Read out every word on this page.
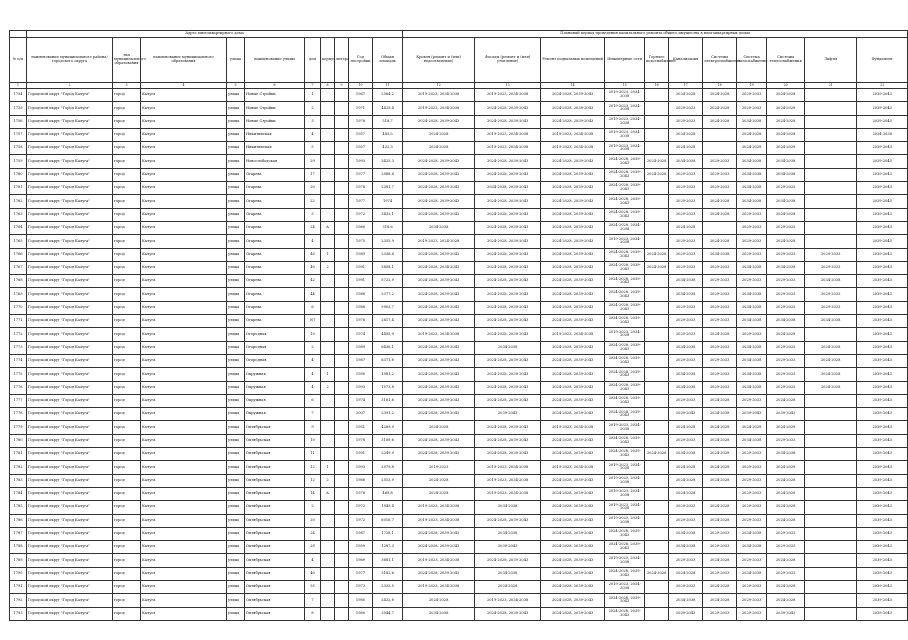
	Адрес многоквартирного дома										Плановый период проведения капитального ремонта общего имущества в многоквартирных домах										
№ п/п	наименование муниципального района/городского округа	тип муниципального образования	наименование муниципального образования	улица	наименование улицы	дом	корпус	литера	Год постройки	Общая площадь	Кровля (ремонт и (или) водоотведение)	Фасады (ремонт и (или) утепление)	Ремонт подвальных помещений	Инженерные сети	Горячее водоснабжение	Канализация	Системы электроснабжения	Система газоснабжения	Системы теплоснабжения	Лифты	Фундамент
1	2	3	4	5	6	7	8	9	10	11	12	13	14	15	16	17	18	19	20	21	22
1754	Городской округ "Город Калуга"	город	Калуга	улица	Новые Стройки	1			1967	2564,2	2019-2023, 2034-2038	2019-2023, 2034-2038	2024-2028, 2039-2043	2019-2023, 2034-2038		2024-2028	2024-2028	2029-2033	2024-2028		2039-2043
1755	Городской округ "Город Калуга"	город	Калуга	улица	Новые Стройки	2			1971	4429,4	2019-2023, 2034-2038	2024-2028, 2039-2043	2024-2028, 2039-2043	2019-2023, 2034-2038		2029-2033	2024-2028	2029-2033	2024-2028		2039-2043
1756	Городской округ "Город Калуга"	город	Калуга	улица	Новые Стройки	3			1976	518,7	2024-2028, 2039-2043	2024-2028, 2039-2043	2024-2028, 2039-2043	2019-2023, 2034-2038		2029-2033	2024-2028	2034-2038	2024-2028		2039-2043
1757	Городской округ "Город Калуга"	город	Калуга	улица	Никитинская	4			1957	483,5	2024-2028	2019-2023, 2034-2038	2019-2023, 2034-2038	2019-2023, 2034-2038		2024-2028		2024-2028	2024-2028		2034-2038
1758	Городской округ "Город Калуга"	город	Калуга	улица	Никитинская	5			1957	432,3	2024-2028	2019-2023, 2034-2038	2019-2023, 2034-2038	2019-2023, 2034-2038		2024-2028		2024-2028	2024-2028		2039-2043
1759	Городской округ "Город Калуга"	город	Калуга	улица	Новослободская	29			1993	3425,3	2024-2028, 2039-2043	2024-2028, 2039-2043	2024-2028, 2039-2043	2024-2028, 2039-2043	2024-2028	2034-2038	2029-2033	2034-2038	2034-2038		2039-2043
1760	Городской округ "Город Калуга"	город	Калуга	улица	Огарева	17			1977	2968,8	2024-2028, 2039-2043	2024-2028, 2039-2043	2024-2028, 2039-2043	2024-2028, 2039-2043	2024-2028	2029-2033	2029-2033	2034-2038	2034-2038		2039-2043
1761	Городской округ "Город Калуга"	город	Калуга	улица	Огарева	20			1978	2381,7	2024-2028, 2039-2043	2034-2038, 2039-2043	2024-2028, 2039-2043	2024-2028, 2039-2043		2029-2033	2029-2033	2034-2038	2029-2033		2039-2043
1762	Городской округ "Город Калуга"	город	Калуга	улица	Огарева	22			1977	1974	2024-2028, 2039-2043	2024-2028, 2039-2043	2024-2028, 2039-2043	2024-2028, 2039-2043		2029-2033	2024-2028	2034-2038	2034-2038		2039-2043
1763	Городской округ "Город Калуга"	город	Калуга	улица	Огарева	3			1972	3432,1	2024-2028, 2039-2043	2024-2028, 2039-2043	2024-2028, 2039-2043	2024-2028, 2039-2043		2029-2033	2024-2028	2029-2033	2024-2028		2039-2043
1764	Городской округ "Город Калуга"	город	Калуга	улица	Огарева	24	А		1960	318,6	2034-2038	2024-2028, 2039-2043	2024-2028, 2039-2043	2024-2028, 2034-2038		2024-2028		2029-2033	2029-2033		2039-2043
1765	Городской округ "Город Калуга"	город	Калуга	улица	Огарева	4			1975	2355,9	2019-2023, 2024-2028	2024-2028, 2039-2043	2024-2028, 2039-2043	2019-2023, 2034-2038		2029-2033	2024-2028	2029-2033	2024-2028		2039-2043
1766	Городской округ "Город Калуга"	город	Калуга	улица	Огарева	40	1		1989	2336,8	2024-2028, 2039-2043	2024-2028, 2039-2043	2024-2028, 2039-2043	2024-2028, 2039-2043	2024-2028	2029-2033	2034-2038	2029-2033	2029-2033	2029-2033	2039-2043
1767	Городской округ "Город Калуга"	город	Калуга	улица	Огарева	40	2		1991	3858,1	2024-2028, 2034-2043	2024-2028, 2039-2043	2024-2028, 2039-2043	2024-2028, 2039-2043	2024-2028	2029-2033	2029-2033	2034-2038	2034-2038	2029-2033	2039-2043
1768	Городской округ "Город Калуга"	город	Калуга	улица	Огарева	42			1991	5722,9	2024-2028, 2039-2043	2024-2028, 2039-2043	2024-2028, 2039-2043	2024-2028, 2039-2043		2034-2038	2029-2033	2029-2033	2029-2033	2034-2038	2039-2043
1769	Городской округ "Город Калуга"	город	Калуга	улица	Огарева	44			1988	5377,2	2024-2028, 2039-2043	2024-2028, 2039-2043	2024-2028, 2039-2043	2024-2028, 2039-2043		2034-2038	2029-2033	2034-2038	2029-2033	2029-2033	2039-2043
1770	Городской округ "Город Калуга"	город	Калуга	улица	Огарева	6			1988	5903,7	2024-2028, 2039-2043	2024-2028, 2039-2043	2024-2028, 2039-2043	2024-2028, 2039-2043		2029-2033	2029-2033	2034-2038	2029-2033	2029-2033	2039-2043
1771	Городской округ "Город Калуга"	город	Калуга	улица	Огарева	9/7			1976	2617,4	2024-2028, 2039-2043	2024-2028, 2039-2043	2024-2028, 2039-2043	2024-2028, 2039-2043		2029-2033	2029-2033	2034-2038	2034-2038	2034-2038	2039-2043
1772	Городской округ "Город Калуга"	город	Калуга	улица	Огородная	10			1974	4495,9	2019-2023, 2034-2038	2024-2028, 2039-2043	2019-2023, 2034-2038	2019-2023, 2034-2038		2029-2033	2024-2028	2029-2033	2024-2028		2039-2043
1773	Городской округ "Город Калуга"	город	Калуга	улица	Огородная	2			1989	6436,1	2024-2028, 2039-2043	2034-2038	2024-2028, 2039-2043	2024-2028, 2039-2043		2034-2038	2029-2033	2034-2038	2029-2033	2024-2028	2039-2043
1774	Городской округ "Город Калуга"	город	Калуга	улица	Огородная	4			1987	6371,8	2024-2028, 2039-2043	2024-2028, 2039-2043	2024-2028, 2039-2043	2024-2028, 2039-2043		2029-2033	2029-2033	2034-2038	2029-2033	2024-2028	2039-2043
1775	Городской округ "Город Калуга"	город	Калуга	улица	Окружная	4	1		1990	1981,2	2024-2028, 2039-2043	2024-2028, 2039-2043	2024-2028, 2039-2043	2024-2028, 2039-2043		2034-2038	2029-2033	2034-2038	2029-2033	2024-2028	2039-2043
1776	Городской округ "Город Калуга"	город	Калуга	улица	Окружная	4	2		1993	1573,8	2024-2028, 2039-2043	2024-2028, 2039-2043	2024-2028, 2039-2043	2024-2028, 2039-2043		2034-2038	2029-2033	2034-2038	2029-2033	2024-2028	2039-2043
1777	Городской округ "Город Калуга"	город	Калуга	улица	Окружная	6			1974	3161,6	2024-2028, 2039-2043	2024-2028, 2039-2043	2024-2028, 2039-2043	2024-2028, 2039-2043		2029-2033	2024-2028	2029-2033	2024-2028		2039-2043
1778	Городской округ "Город Калуга"	город	Калуга	улица	Окружная	7			2007	2391,2	2024-2028, 2039-2043	2039-2043	2024-2028, 2039-2043	2024-2028, 2039-2043		2039-2043	2034-2038	2039-2043	2039-2043		2039-2043
1779	Городской округ "Город Калуга"	город	Калуга	улица	Октябрьская	9			1951	4289,9	2024-2028	2024-2028, 2039-2043	2019-2023, 2034-2038	2019-2023, 2034-2038		2024-2028	2024-2028	2024-2028	2024-2028		2039-2043
1780	Городской округ "Город Калуга"	город	Калуга	улица	Октябрьская	10			1978	3189,6	2024-2028, 2039-2043	2024-2028, 2039-2043	2024-2028, 2039-2043	2024-2028, 2039-2043		2029-2033	2024-2028	2034-2038	2029-2033		2039-2043
1781	Городской округ "Город Калуга"	город	Калуга	улица	Октябрьская	11			1991	2349,9	2024-2028, 2039-2043	2024-2028, 2039-2043	2024-2028, 2039-2043	2024-2028, 2039-2043	2024-2028	2034-2038	2024-2028	2029-2033	2034-2038		2039-2043
1782	Городской округ "Город Калуга"	город	Калуга	улица	Октябрьская	12	1		1993	2979,8	2019-2023	2019-2023, 2034-2038	2019-2023, 2034-2038	2019-2023, 2034-2038		2024-2028	2024-2028	2029-2033	2024-2028		2039-2043
1783	Городской округ "Город Калуга"	город	Калуга	улица	Октябрьская	12	2		1968	2553,9	2024-2028	2019-2023, 2034-2038	2024-2028, 2039-2043	2019-2023, 2034-2038		2024-2028	2024-2028	2029-2033	2024-2028		2039-2043
1784	Городской округ "Город Калуга"	город	Калуга	улица	Октябрьская	14	А		1978	469,8	2024-2028	2019-2023, 2034-2038	2024-2028, 2039-2043	2019-2023, 2034-2038		2024-2028		2029-2033	2024-2028		2039-2043
1785	Городской округ "Город Калуга"	город	Калуга	улица	Октябрьская	2			1972	1949,4	2019-2023, 2034-2038	2034-2038	2024-2028, 2039-2043	2019-2023, 2034-2038		2029-2033	2024-2028	2029-2033	2024-2028		2039-2043
1786	Городской округ "Город Калуга"	город	Калуга	улица	Октябрьская	20			1972	6016,7	2019-2023, 2034-2038	2024-2028, 2039-2043	2024-2028, 2039-2043	2019-2023, 2034-2038		2029-2033	2024-2028	2029-2033	2024-2028		2039-2043
1787	Городской округ "Город Калуга"	город	Калуга	улица	Октябрьская	24			1987	1728,1	2024-2028, 2039-2043	2034-2038	2024-2028, 2039-2043	2024-2028, 2039-2043		2034-2038	2029-2033	2034-2038	2029-2033		2039-2043
1788	Городской округ "Город Калуга"	город	Калуга	улица	Октябрьская	29			1959	1287,3	2024-2028, 2039-2043	2039-2043	2024-2028, 2039-2043	2024-2028, 2039-2043		2034-2038	2029-2033	2034-2038	2029-2033		2039-2043
1789	Городской округ "Город Калуга"	город	Калуга	улица	Октябрьская	4			1969	3681,1	2019-2023, 2034-2038	2024-2028, 2039-2043	2024-2028, 2039-2043	2019-2023, 2034-2038		2029-2033	2024-2028	2029-2033	2024-2028		2039-2043
1790	Городской округ "Город Калуга"	город	Калуга	улица	Октябрьская	40			1977	3182,6	2024-2028, 2039-2043	2034-2038	2024-2028, 2039-2043	2024-2028, 2039-2043	2024-2028	2024-2028	2029-2033	2034-2038	2029-2033		2039-2043
1791	Городской округ "Город Калуга"	город	Калуга	улица	Октябрьская	55			1973	2332,5	2019-2023, 2034-2038	2024-2028	2024-2028, 2039-2043	2019-2023, 2034-2038		2029-2033	2024-2028	2029-2033	2024-2028		2039-2043
1792	Городской округ "Город Калуга"	город	Калуга	улица	Октябрьская	7			1985	2432,8	2024-2028	2019-2023, 2034-2038	2024-2028, 2039-2043	2024-2028, 2039-2043		2034-2038	2024-2028	2029-2033	2024-2028		2039-2043
1793	Городской округ "Город Калуга"	город	Калуга	улица	Октябрьская	8			1960	3544,7	2034-2038	2024-2028, 2039-2043	2024-2028, 2039-2043	2024-2028, 2039-2043		2039-2043	2029-2033	2029-2033	2039-2043		2039-2043
